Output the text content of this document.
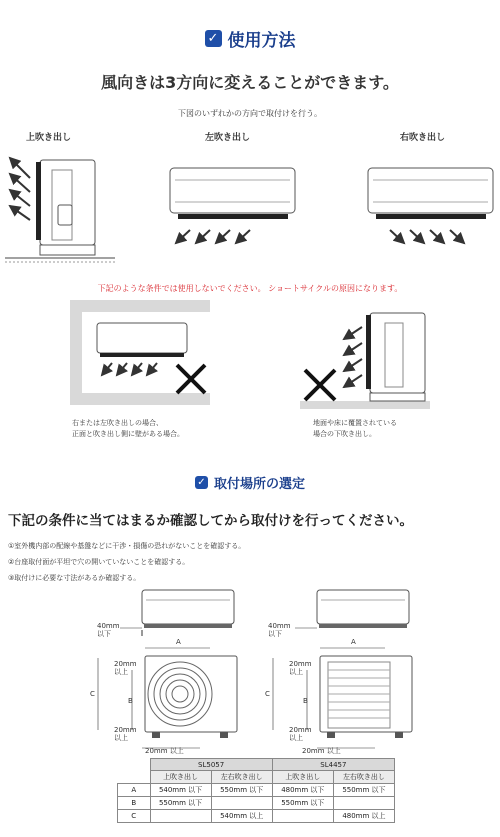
✓ 使用方法
風向きは3方向に変えることができます。
下図のいずれかの方向で取付けを行う。
上吹き出し	左吹き出し	右吹き出し
下記のような条件では使用しないでください。 ショートサイクルの原因になります。
右または左吹き出しの場合、
正面と吹き出し側に壁がある場合。
地面や床に覆置されている
場合の下吹き出し。
✓ 取付場所の選定
下記の条件に当てはまるか確認してから取付けを行ってください。
①室外機内部の配線や基盤などに干渉・損傷の恐れがないことを確認する。
②台座取付面が平坦で穴の開いていないことを確認する。
③取付けに必要な寸法があるか確認する。
40mm
以下
A
20mm
以上
C
B
20mm
以上
20mm 以上
40mm
以下
A
20mm
以上
C
B
20mm
以上
20mm 以上
	SL5057		SL4457	
	上吹き出し	左右吹き出し	上吹き出し	左右吹き出し
A	540mm 以下	550mm 以下	480mm 以下	550mm 以下
B	550mm 以下		550mm 以下	
C		540mm 以上		480mm 以上
